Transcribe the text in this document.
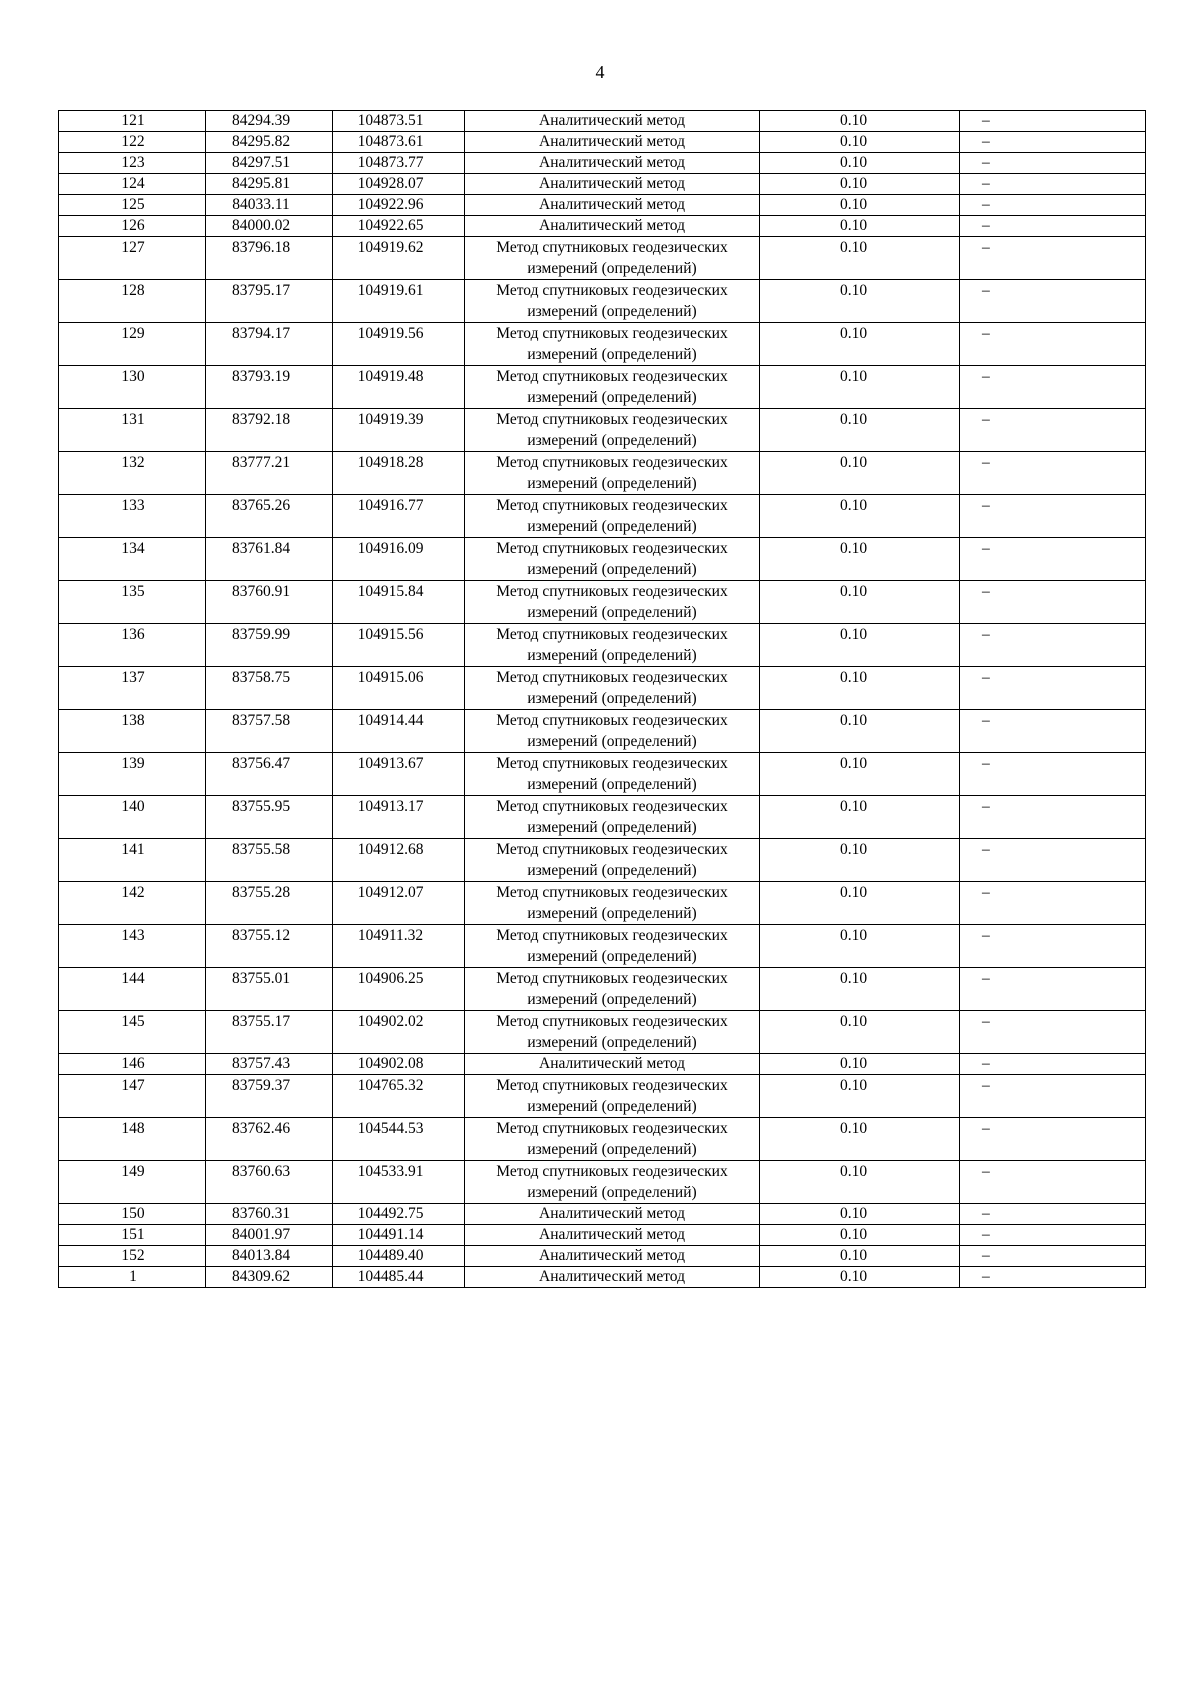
4
121	84294.39	104873.51	Аналитический метод	0.10	–
122	84295.82	104873.61	Аналитический метод	0.10	–
123	84297.51	104873.77	Аналитический метод	0.10	–
124	84295.81	104928.07	Аналитический метод	0.10	–
125	84033.11	104922.96	Аналитический метод	0.10	–
126	84000.02	104922.65	Аналитический метод	0.10	–
127	83796.18	104919.62	Метод спутниковых геодезических измерений (определений)	0.10	–
128	83795.17	104919.61	Метод спутниковых геодезических измерений (определений)	0.10	–
129	83794.17	104919.56	Метод спутниковых геодезических измерений (определений)	0.10	–
130	83793.19	104919.48	Метод спутниковых геодезических измерений (определений)	0.10	–
131	83792.18	104919.39	Метод спутниковых геодезических измерений (определений)	0.10	–
132	83777.21	104918.28	Метод спутниковых геодезических измерений (определений)	0.10	–
133	83765.26	104916.77	Метод спутниковых геодезических измерений (определений)	0.10	–
134	83761.84	104916.09	Метод спутниковых геодезических измерений (определений)	0.10	–
135	83760.91	104915.84	Метод спутниковых геодезических измерений (определений)	0.10	–
136	83759.99	104915.56	Метод спутниковых геодезических измерений (определений)	0.10	–
137	83758.75	104915.06	Метод спутниковых геодезических измерений (определений)	0.10	–
138	83757.58	104914.44	Метод спутниковых геодезических измерений (определений)	0.10	–
139	83756.47	104913.67	Метод спутниковых геодезических измерений (определений)	0.10	–
140	83755.95	104913.17	Метод спутниковых геодезических измерений (определений)	0.10	–
141	83755.58	104912.68	Метод спутниковых геодезических измерений (определений)	0.10	–
142	83755.28	104912.07	Метод спутниковых геодезических измерений (определений)	0.10	–
143	83755.12	104911.32	Метод спутниковых геодезических измерений (определений)	0.10	–
144	83755.01	104906.25	Метод спутниковых геодезических измерений (определений)	0.10	–
145	83755.17	104902.02	Метод спутниковых геодезических измерений (определений)	0.10	–
146	83757.43	104902.08	Аналитический метод	0.10	–
147	83759.37	104765.32	Метод спутниковых геодезических измерений (определений)	0.10	–
148	83762.46	104544.53	Метод спутниковых геодезических измерений (определений)	0.10	–
149	83760.63	104533.91	Метод спутниковых геодезических измерений (определений)	0.10	–
150	83760.31	104492.75	Аналитический метод	0.10	–
151	84001.97	104491.14	Аналитический метод	0.10	–
152	84013.84	104489.40	Аналитический метод	0.10	–
1	84309.62	104485.44	Аналитический метод	0.10	–
